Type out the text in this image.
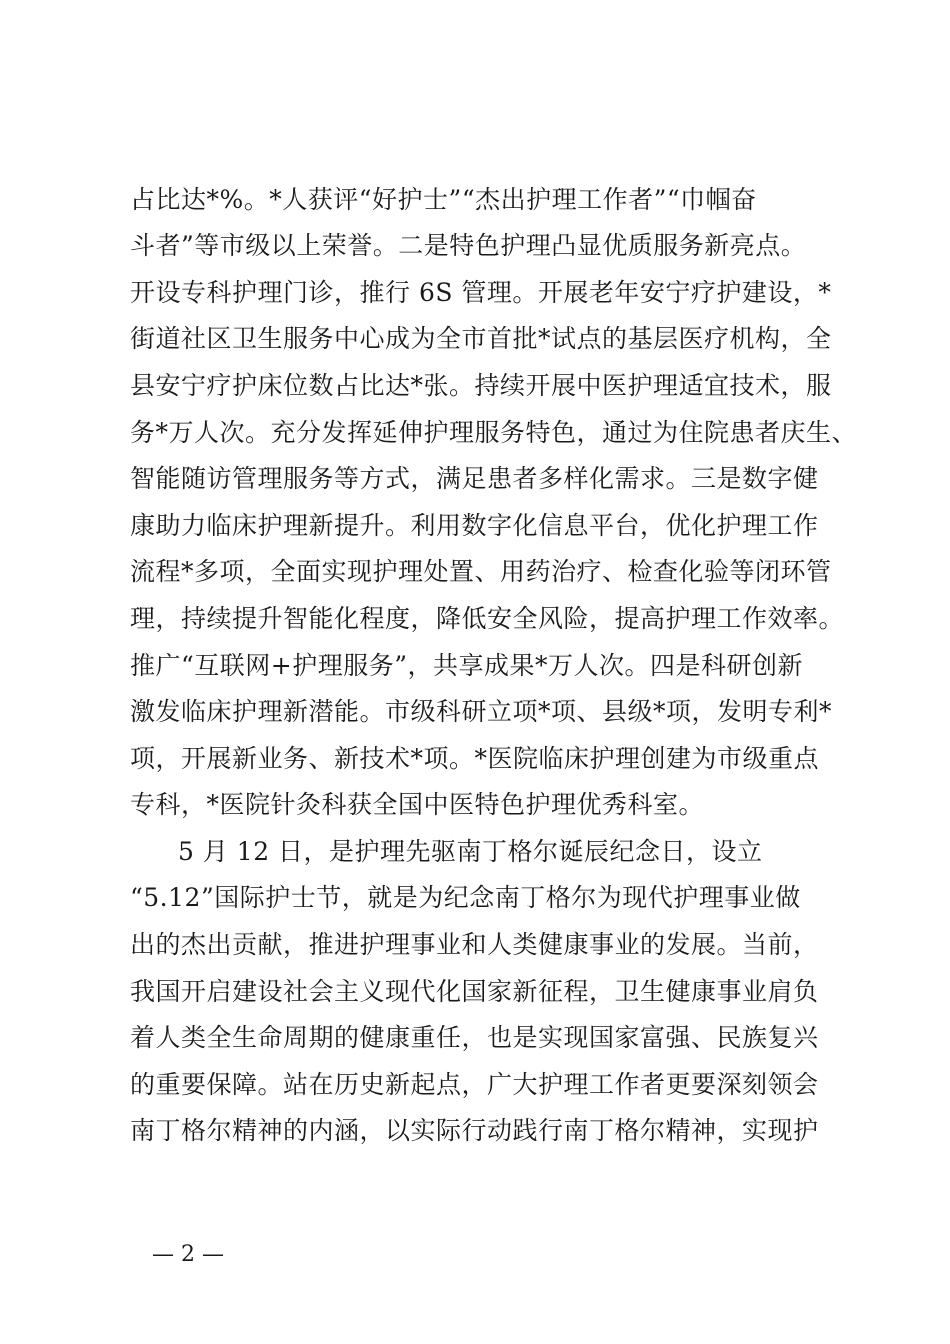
占比达*%。*人获评“好护士”“杰出护理工作者”“巾帼奋
斗者”等市级以上荣誉。二是特色护理凸显优质服务新亮点。
开设专科护理门诊，推行 6S 管理。开展老年安宁疗护建设，*
街道社区卫生服务中心成为全市首批*试点的基层医疗机构，全
县安宁疗护床位数占比达*张。持续开展中医护理适宜技术，服
务*万人次。充分发挥延伸护理服务特色，通过为住院患者庆生、
智能随访管理服务等方式，满足患者多样化需求。三是数字健
康助力临床护理新提升。利用数字化信息平台，优化护理工作
流程*多项，全面实现护理处置、用药治疗、检查化验等闭环管
理，持续提升智能化程度，降低安全风险，提高护理工作效率。
推广“互联网+护理服务”，共享成果*万人次。四是科研创新
激发临床护理新潜能。市级科研立项*项、县级*项，发明专利*
项，开展新业务、新技术*项。*医院临床护理创建为市级重点
专科，*医院针灸科获全国中医特色护理优秀科室。
5 月 12 日，是护理先驱南丁格尔诞辰纪念日，设立
“5.12”国际护士节，就是为纪念南丁格尔为现代护理事业做
出的杰出贡献，推进护理事业和人类健康事业的发展。当前，
我国开启建设社会主义现代化国家新征程，卫生健康事业肩负
着人类全生命周期的健康重任，也是实现国家富强、民族复兴
的重要保障。站在历史新起点，广大护理工作者更要深刻领会
南丁格尔精神的内涵，以实际行动践行南丁格尔精神，实现护
— 2 —
